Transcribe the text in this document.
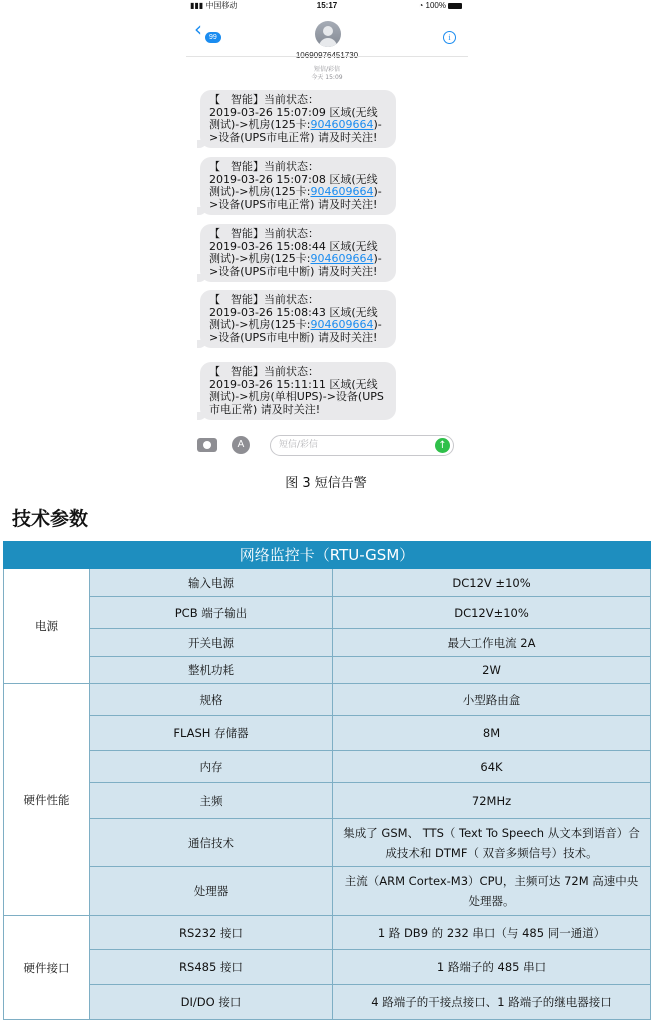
▮▮▮ 中国移动	15:17	◔ 100%
‹	99	i
短信/彩信
今天 15:09
【　智能】当前状态：
2019-03-26 15:07:09 区域(无线测试)->机房(125卡:904609664)->设备(UPS市电正常) 请及时关注!
【　智能】当前状态：
2019-03-26 15:07:08 区域(无线测试)->机房(125卡:904609664)->设备(UPS市电正常) 请及时关注!
【　智能】当前状态：
2019-03-26 15:08:44 区域(无线测试)->机房(125卡:904609664)->设备(UPS市电中断) 请及时关注!
【　智能】当前状态：
2019-03-26 15:08:43 区域(无线测试)->机房(125卡:904609664)->设备(UPS市电中断) 请及时关注!
【　智能】当前状态：
2019-03-26 15:11:11 区域(无线测试)->机房(单相UPS)->设备(UPS市电正常) 请及时关注!
A	短信/彩信	↑
图 3 短信告警
技术参数
网络监控卡（RTU-GSM）		
电源	输入电源	DC12V ±10%
	PCB 端子输出	DC12V±10%
	开关电源	最大工作电流 2A
	整机功耗	2W
硬件性能	规格	小型路由盒
	FLASH 存储器	8M
	内存	64K
	主频	72MHz
	通信技术	集成了 GSM、 TTS（ Text To Speech 从文本到语音）合成技术和 DTMF（ 双音多频信号）技术。
	处理器	主流（ARM Cortex-M3）CPU，主频可达 72M 高速中央处理器。
硬件接口	RS232 接口	1 路 DB9 的 232 串口（与 485 同一通道）
	RS485 接口	1 路端子的 485 串口
	DI/DO 接口	4 路端子的干接点接口、1 路端子的继电器接口
